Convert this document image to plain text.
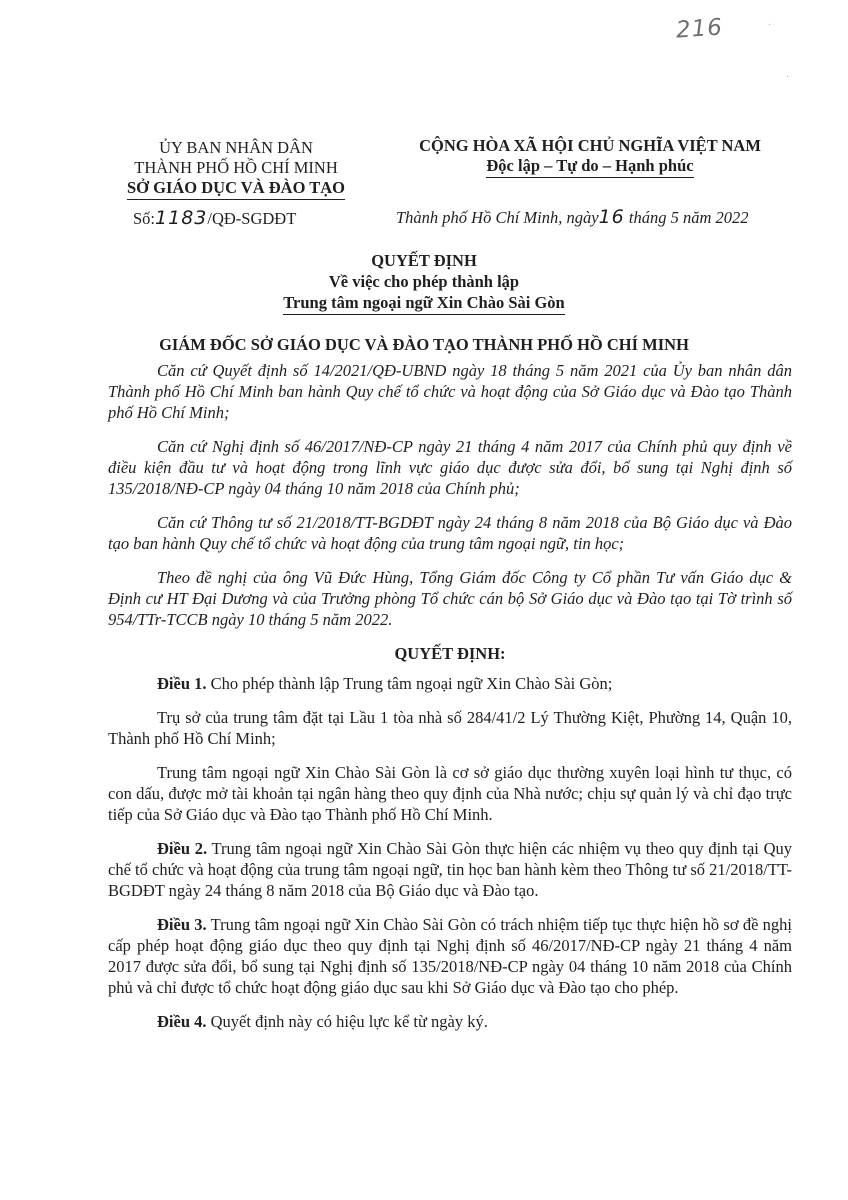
216	·
·
ỦY BAN NHÂN DÂN
THÀNH PHỐ HỒ CHÍ MINH
SỞ GIÁO DỤC VÀ ĐÀO TẠO
CỘNG HÒA XÃ HỘI CHỦ NGHĨA VIỆT NAM
Độc lập – Tự do – Hạnh phúc
Số:1183/QĐ-SGDĐT	Thành phố Hồ Chí Minh, ngày16 tháng 5 năm 2022
QUYẾT ĐỊNH
Về việc cho phép thành lập
Trung tâm ngoại ngữ Xin Chào Sài Gòn
GIÁM ĐỐC SỞ GIÁO DỤC VÀ ĐÀO TẠO THÀNH PHỐ HỒ CHÍ MINH

Căn cứ Quyết định số 14/2021/QĐ-UBND ngày 18 tháng 5 năm 2021 của Ủy ban nhân dân Thành phố Hồ Chí Minh ban hành Quy chế tổ chức và hoạt động của Sở Giáo dục và Đào tạo Thành phố Hồ Chí Minh;

Căn cứ Nghị định số 46/2017/NĐ-CP ngày 21 tháng 4 năm 2017 của Chính phủ quy định về điều kiện đầu tư và hoạt động trong lĩnh vực giáo dục được sửa đổi, bổ sung tại Nghị định số 135/2018/NĐ-CP ngày 04 tháng 10 năm 2018 của Chính phủ;

Căn cứ Thông tư số 21/2018/TT-BGDĐT ngày 24 tháng 8 năm 2018 của Bộ Giáo dục và Đào tạo ban hành Quy chế tổ chức và hoạt động của trung tâm ngoại ngữ, tin học;

Theo đề nghị của ông Vũ Đức Hùng, Tổng Giám đốc Công ty Cổ phần Tư vấn Giáo dục & Định cư HT Đại Dương và của Trưởng phòng Tổ chức cán bộ Sở Giáo dục và Đào tạo tại Tờ trình số 954/TTr-TCCB ngày 10 tháng 5 năm 2022.

QUYẾT ĐỊNH:

Điều 1. Cho phép thành lập Trung tâm ngoại ngữ Xin Chào Sài Gòn;

Trụ sở của trung tâm đặt tại Lầu 1 tòa nhà số 284/41/2 Lý Thường Kiệt, Phường 14, Quận 10, Thành phố Hồ Chí Minh;

Trung tâm ngoại ngữ Xin Chào Sài Gòn là cơ sở giáo dục thường xuyên loại hình tư thục, có con dấu, được mở tài khoản tại ngân hàng theo quy định của Nhà nước; chịu sự quản lý và chỉ đạo trực tiếp của Sở Giáo dục và Đào tạo Thành phố Hồ Chí Minh.

Điều 2. Trung tâm ngoại ngữ Xin Chào Sài Gòn thực hiện các nhiệm vụ theo quy định tại Quy chế tổ chức và hoạt động của trung tâm ngoại ngữ, tin học ban hành kèm theo Thông tư số 21/2018/TT-BGDĐT ngày 24 tháng 8 năm 2018 của Bộ Giáo dục và Đào tạo.

Điều 3. Trung tâm ngoại ngữ Xin Chào Sài Gòn có trách nhiệm tiếp tục thực hiện hồ sơ đề nghị cấp phép hoạt động giáo dục theo quy định tại Nghị định số 46/2017/NĐ-CP ngày 21 tháng 4 năm 2017 được sửa đổi, bổ sung tại Nghị định số 135/2018/NĐ-CP ngày 04 tháng 10 năm 2018 của Chính phủ và chỉ được tổ chức hoạt động giáo dục sau khi Sở Giáo dục và Đào tạo cho phép.

Điều 4. Quyết định này có hiệu lực kể từ ngày ký.
